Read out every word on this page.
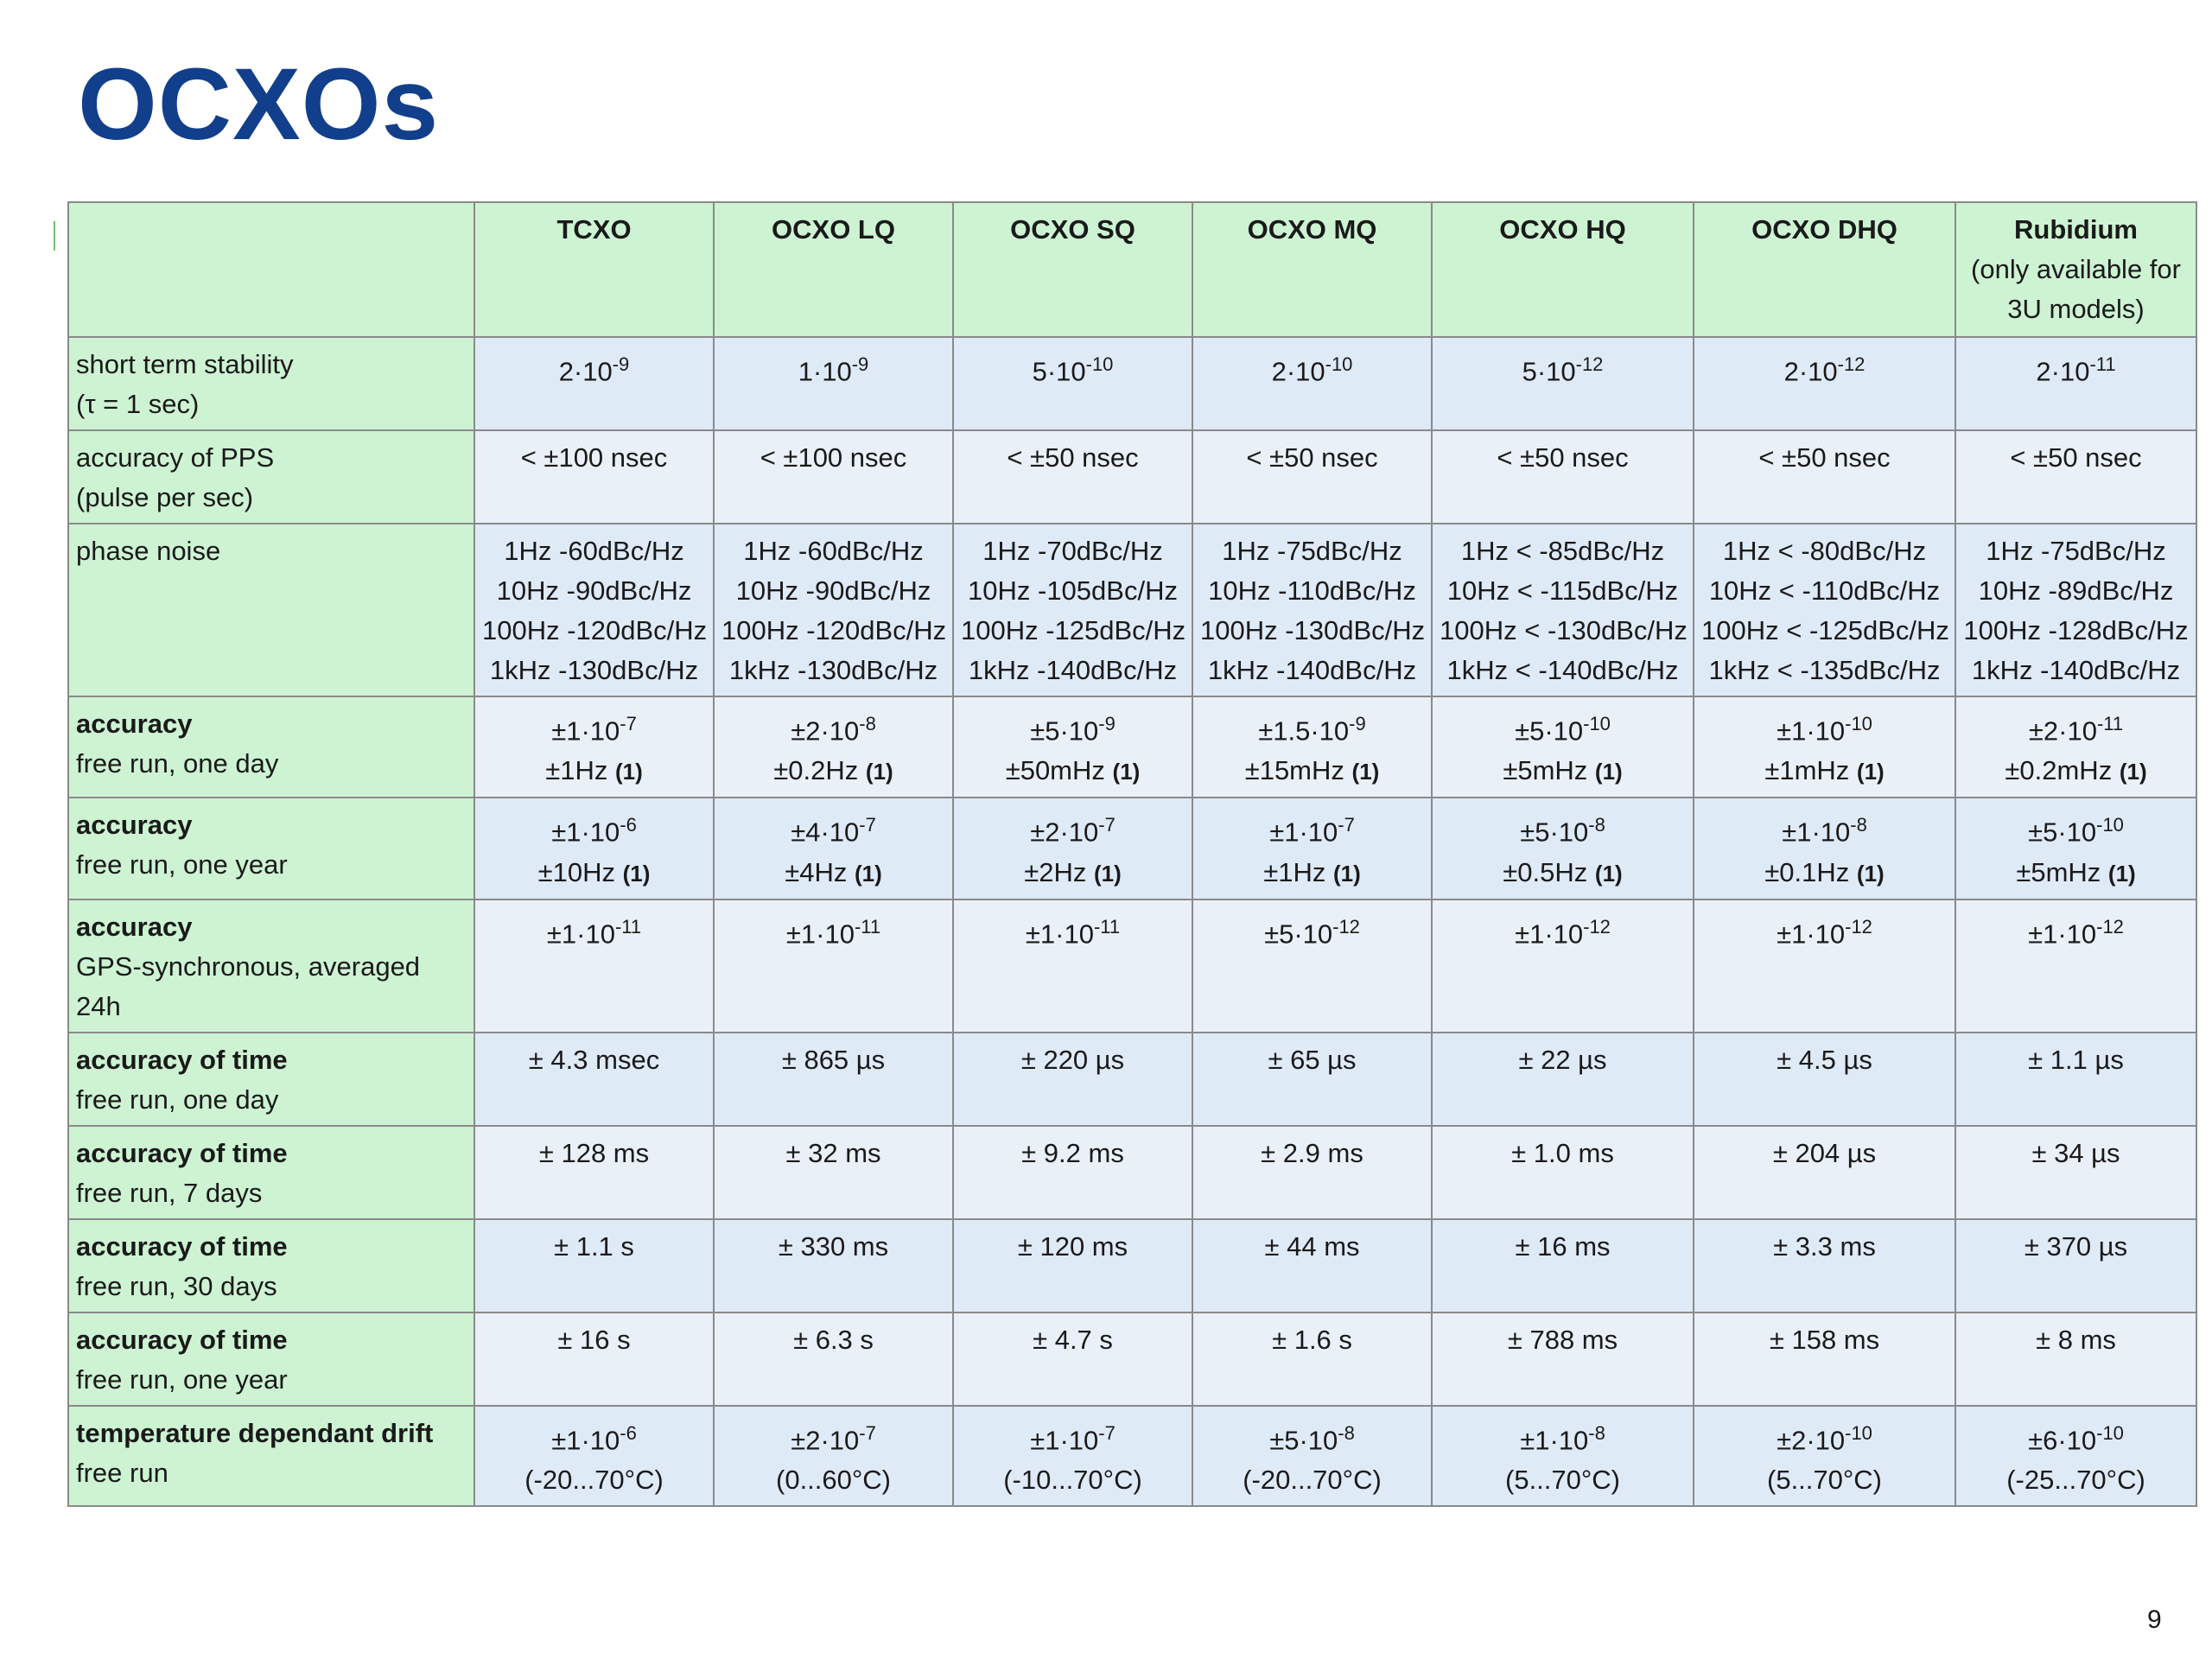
OCXOs
	TCXO	OCXO LQ	OCXO SQ	OCXO MQ	OCXO HQ	OCXO DHQ	Rubidium
(only available for
3U models)

short term stability
(τ = 1 sec)	$2\cdot 10^{-9}$	$1\cdot 10^{-9}$	$5\cdot 10^{-10}$	$2\cdot 10^{-10}$	$5\cdot 10^{-12}$	$2\cdot 10^{-12}$	$2\cdot 10^{-11}$

accuracy of PPS
(pulse per sec)	< ±100 nsec	< ±100 nsec	< ±50 nsec	< ±50 nsec	< ±50 nsec	< ±50 nsec	< ±50 nsec

phase noise	1Hz -60dBc/Hz
10Hz -90dBc/Hz
100Hz -120dBc/Hz
1kHz -130dBc/Hz	1Hz -60dBc/Hz
10Hz -90dBc/Hz
100Hz -120dBc/Hz
1kHz -130dBc/Hz	1Hz -70dBc/Hz
10Hz -105dBc/Hz
100Hz -125dBc/Hz
1kHz -140dBc/Hz	1Hz -75dBc/Hz
10Hz -110dBc/Hz
100Hz -130dBc/Hz
1kHz -140dBc/Hz	1Hz < -85dBc/Hz
10Hz < -115dBc/Hz
100Hz < -130dBc/Hz
1kHz < -140dBc/Hz	1Hz < -80dBc/Hz
10Hz < -110dBc/Hz
100Hz < -125dBc/Hz
1kHz < -135dBc/Hz	1Hz -75dBc/Hz
10Hz -89dBc/Hz
100Hz -128dBc/Hz
1kHz -140dBc/Hz

accuracy
free run, one day	$\pm 1\cdot 10^{-7}$
±1Hz (1)	$\pm 2\cdot 10^{-8}$
±0.2Hz (1)	$\pm 5\cdot 10^{-9}$
±50mHz (1)	$\pm 1.5\cdot 10^{-9}$
±15mHz (1)	$\pm 5\cdot 10^{-10}$
±5mHz (1)	$\pm 1\cdot 10^{-10}$
±1mHz (1)	$\pm 2\cdot 10^{-11}$
±0.2mHz (1)

accuracy
free run, one year	$\pm 1\cdot 10^{-6}$
±10Hz (1)	$\pm 4\cdot 10^{-7}$
±4Hz (1)	$\pm 2\cdot 10^{-7}$
±2Hz (1)	$\pm 1\cdot 10^{-7}$
±1Hz (1)	$\pm 5\cdot 10^{-8}$
±0.5Hz (1)	$\pm 1\cdot 10^{-8}$
±0.1Hz (1)	$\pm 5\cdot 10^{-10}$
±5mHz (1)

accuracy
GPS-synchronous, averaged 24h	$\pm 1\cdot 10^{-11}$	$\pm 1\cdot 10^{-11}$	$\pm 1\cdot 10^{-11}$	$\pm 5\cdot 10^{-12}$	$\pm 1\cdot 10^{-12}$	$\pm 1\cdot 10^{-12}$	$\pm 1\cdot 10^{-12}$

accuracy of time
free run, one day	± 4.3 msec	± 865 µs	± 220 µs	± 65 µs	± 22 µs	± 4.5 µs	± 1.1 µs

accuracy of time
free run, 7 days	± 128 ms	± 32 ms	± 9.2 ms	± 2.9 ms	± 1.0 ms	± 204 µs	± 34 µs

accuracy of time
free run, 30 days	± 1.1 s	± 330 ms	± 120 ms	± 44 ms	± 16 ms	± 3.3 ms	± 370 µs

accuracy of time
free run, one year	± 16 s	± 6.3 s	± 4.7 s	± 1.6 s	± 788 ms	± 158 ms	± 8 ms

temperature dependant drift
free run	$\pm 1\cdot 10^{-6}$
(-20...70°C)	$\pm 2\cdot 10^{-7}$
(0...60°C)	$\pm 1\cdot 10^{-7}$
(-10...70°C)	$\pm 5\cdot 10^{-8}$
(-20...70°C)	$\pm 1\cdot 10^{-8}$
(5...70°C)	$\pm 2\cdot 10^{-10}$
(5...70°C)	$\pm 6\cdot 10^{-10}$
(-25...70°C)
9
